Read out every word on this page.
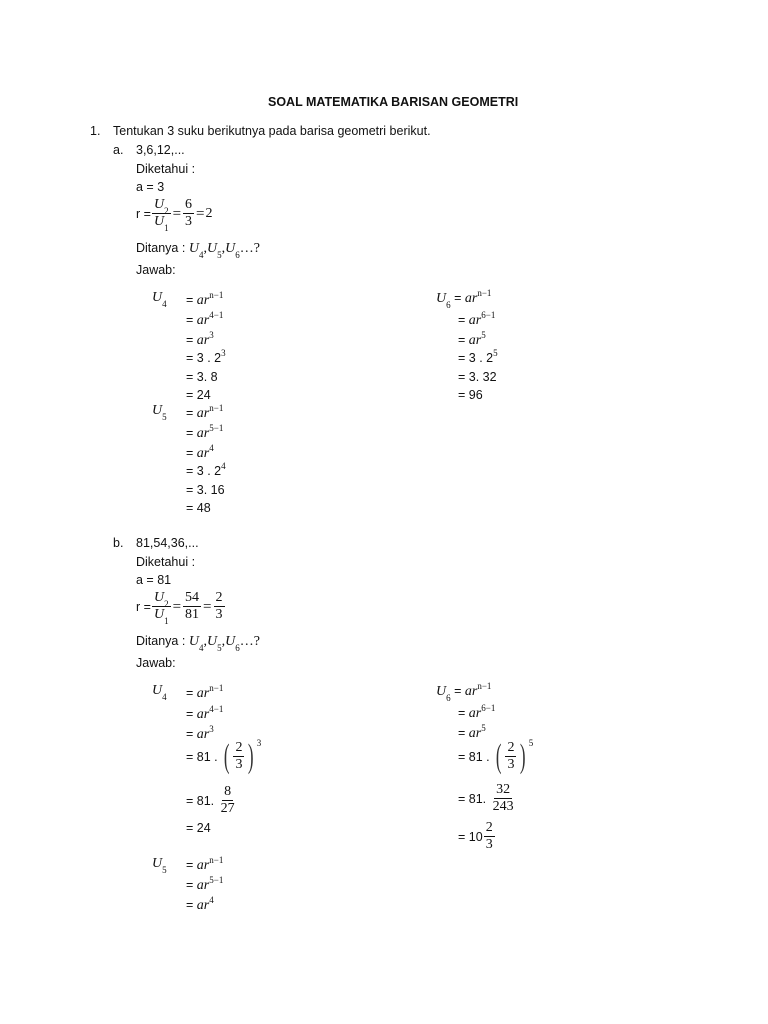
SOAL MATEMATIKA BARISAN GEOMETRI
1. Tentukan 3 suku berikutnya pada barisa geometri berikut.
a. 3,6,12,...
Diketahui :
a = 3
$r = \frac{U_2}{U_1} = \frac{6}{3} = 2$
Ditanya : $U_4,U_5,U_6\dots$?
Jawab:
$U_4 = ar^{n-1}$
= $ar^{4-1}$
= $ar^3$
= 3 . $2^3$
= 3. 8
= 24
$U_5 = ar^{n-1}$
= $ar^{5-1}$
= $ar^4$
= 3 . $2^4$
= 3. 16
= 48
$U_6 = ar^{n-1}$
= $ar^{6-1}$
= $ar^5$
= 3 . $2^5$
= 3. 32
= 96
b. 81,54,36,...
Diketahui :
a = 81
$r = \frac{U_2}{U_1} = \frac{54}{81} = \frac{2}{3}$
Ditanya : $U_4,U_5,U_6\dots$?
Jawab:
$U_4 = ar^{n-1}$
= $ar^{4-1}$
= $ar^3$
= 81 .
( $\frac{2}{3}$ ) $^3$
= 81.
$\frac{8}{27}$
= 24
$U_5 = ar^{n-1}$
= $ar^{5-1}$
= $ar^4$
$U_6 = ar^{n-1}$
= $ar^{6-1}$
= $ar^5$
= 81 .
( $\frac{2}{3}$ ) $^5$
= 81.
$\frac{32}{243}$
= $10 \frac{2}{3}$
